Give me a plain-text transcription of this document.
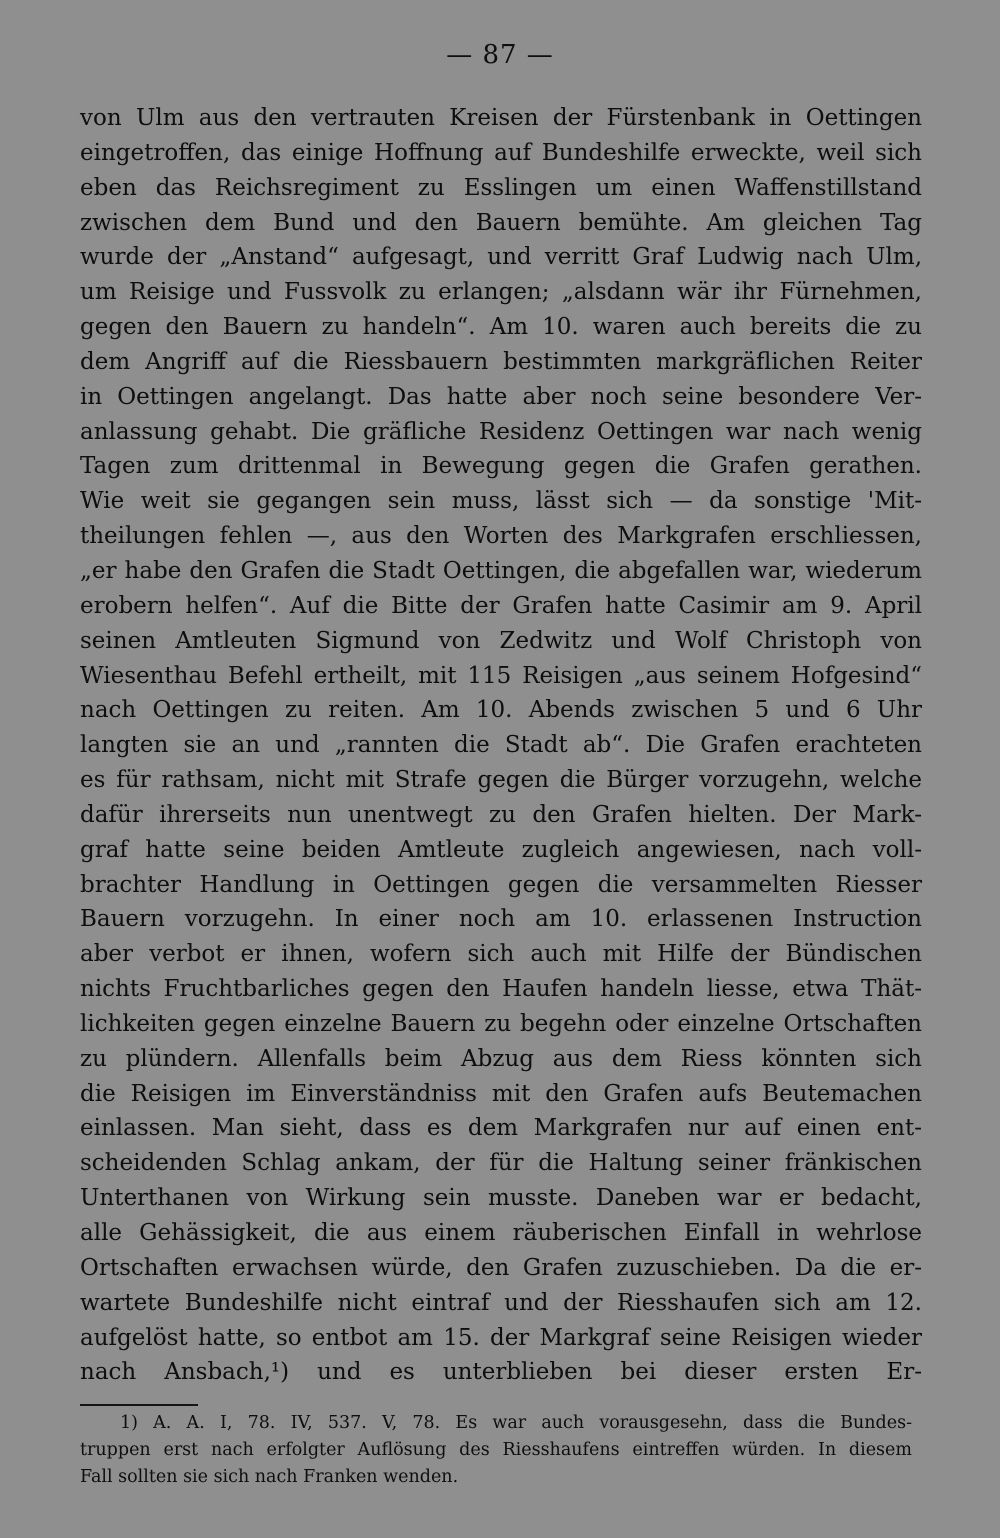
— 87 —
von Ulm aus den vertrauten Kreisen der Fürstenbank in Oettingen
eingetroffen, das einige Hoffnung auf Bundeshilfe erweckte, weil sich
eben das Reichsregiment zu Esslingen um einen Waffenstillstand
zwischen dem Bund und den Bauern bemühte. Am gleichen Tag
wurde der „Anstand“ aufgesagt, und verritt Graf Ludwig nach Ulm,
um Reisige und Fussvolk zu erlangen; „alsdann wär ihr Fürnehmen,
gegen den Bauern zu handeln“. Am 10. waren auch bereits die zu
dem Angriff auf die Riessbauern bestimmten markgräflichen Reiter
in Oettingen angelangt. Das hatte aber noch seine besondere Ver-
anlassung gehabt. Die gräfliche Residenz Oettingen war nach wenig
Tagen zum drittenmal in Bewegung gegen die Grafen gerathen.
Wie weit sie gegangen sein muss, lässt sich — da sonstige 'Mit-
theilungen fehlen —, aus den Worten des Markgrafen erschliessen,
„er habe den Grafen die Stadt Oettingen, die abgefallen war, wiederum
erobern helfen“. Auf die Bitte der Grafen hatte Casimir am 9. April
seinen Amtleuten Sigmund von Zedwitz und Wolf Christoph von
Wiesenthau Befehl ertheilt, mit 115 Reisigen „aus seinem Hofgesind“
nach Oettingen zu reiten. Am 10. Abends zwischen 5 und 6 Uhr
langten sie an und „rannten die Stadt ab“. Die Grafen erachteten
es für rathsam, nicht mit Strafe gegen die Bürger vorzugehn, welche
dafür ihrerseits nun unentwegt zu den Grafen hielten. Der Mark-
graf hatte seine beiden Amtleute zugleich angewiesen, nach voll-
brachter Handlung in Oettingen gegen die versammelten Riesser
Bauern vorzugehn. In einer noch am 10. erlassenen Instruction
aber verbot er ihnen, wofern sich auch mit Hilfe der Bündischen
nichts Fruchtbarliches gegen den Haufen handeln liesse, etwa Thät-
lichkeiten gegen einzelne Bauern zu begehn oder einzelne Ortschaften
zu plündern. Allenfalls beim Abzug aus dem Riess könnten sich
die Reisigen im Einverständniss mit den Grafen aufs Beutemachen
einlassen. Man sieht, dass es dem Markgrafen nur auf einen ent-
scheidenden Schlag ankam, der für die Haltung seiner fränkischen
Unterthanen von Wirkung sein musste. Daneben war er bedacht,
alle Gehässigkeit, die aus einem räuberischen Einfall in wehrlose
Ortschaften erwachsen würde, den Grafen zuzuschieben. Da die er-
wartete Bundeshilfe nicht eintraf und der Riesshaufen sich am 12.
aufgelöst hatte, so entbot am 15. der Markgraf seine Reisigen wieder
nach Ansbach,¹) und es unterblieben bei dieser ersten Er-
1) A. A. I, 78. IV, 537. V, 78. Es war auch vorausgesehn, dass die Bundes-
truppen erst nach erfolgter Auflösung des Riesshaufens eintreffen würden. In diesem
Fall sollten sie sich nach Franken wenden.
